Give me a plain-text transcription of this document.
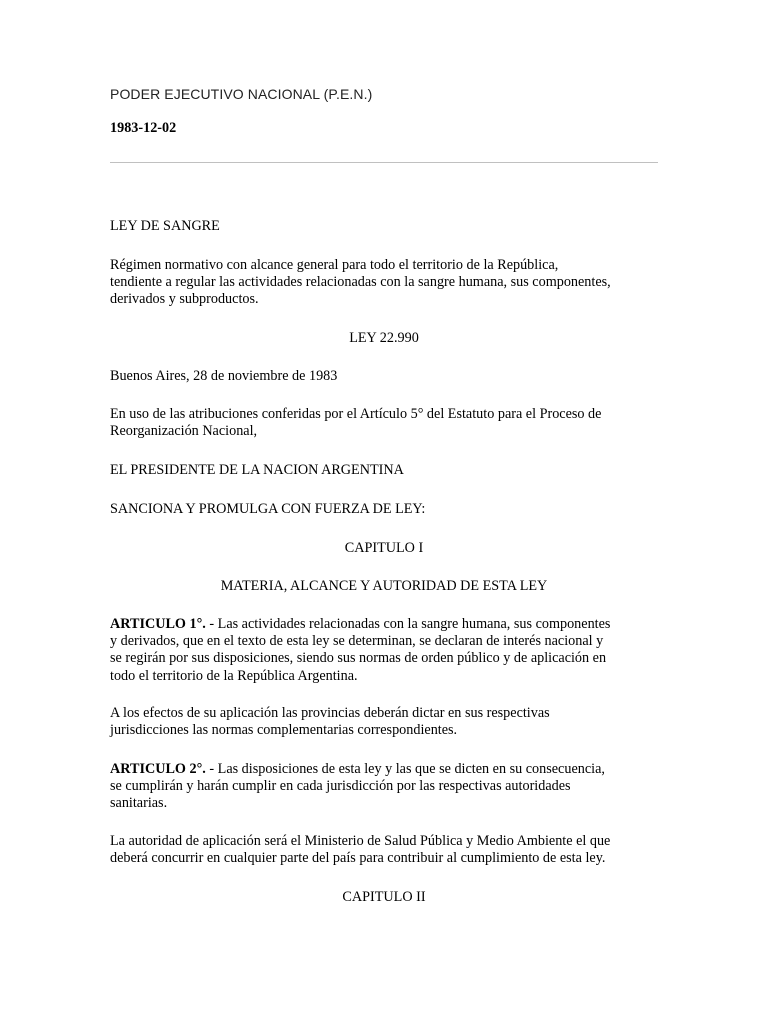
PODER EJECUTIVO NACIONAL (P.E.N.)

1983-12-02

LEY DE SANGRE

Régimen normativo con alcance general para todo el territorio de la República,
tendiente a regular las actividades relacionadas con la sangre humana, sus componentes,
derivados y subproductos.

LEY 22.990

Buenos Aires, 28 de noviembre de 1983

En uso de las atribuciones conferidas por el Artículo 5° del Estatuto para el Proceso de
Reorganización Nacional,

EL PRESIDENTE DE LA NACION ARGENTINA

SANCIONA Y PROMULGA CON FUERZA DE LEY:

CAPITULO I

MATERIA, ALCANCE Y AUTORIDAD DE ESTA LEY

ARTICULO 1°. - Las actividades relacionadas con la sangre humana, sus componentes
y derivados, que en el texto de esta ley se determinan, se declaran de interés nacional y
se regirán por sus disposiciones, siendo sus normas de orden público y de aplicación en
todo el territorio de la República Argentina.
A los efectos de su aplicación las provincias deberán dictar en sus respectivas
jurisdicciones las normas complementarias correspondientes.
ARTICULO 2°. - Las disposiciones de esta ley y las que se dicten en su consecuencia,
se cumplirán y harán cumplir en cada jurisdicción por las respectivas autoridades
sanitarias.
La autoridad de aplicación será el Ministerio de Salud Pública y Medio Ambiente el que
deberá concurrir en cualquier parte del país para contribuir al cumplimiento de esta ley.

CAPITULO II
